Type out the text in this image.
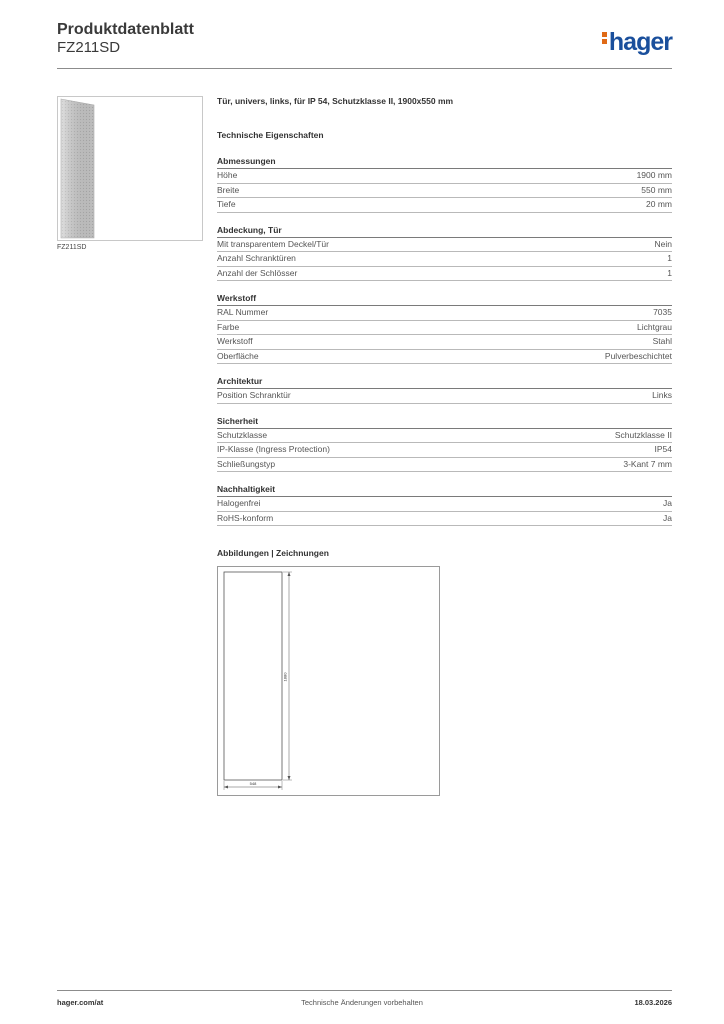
Produktdatenblatt
FZ211SD	hager
FZ211SD
Tür, univers, links, für IP 54, Schutzklasse II, 1900x550 mm
Technische Eigenschaften
Abmessungen
Höhe	1900 mm
Breite	550 mm
Tiefe	20 mm
Abdeckung, Tür
Mit transparentem Deckel/Tür	Nein
Anzahl Schranktüren	1
Anzahl der Schlösser	1
Werkstoff
RAL Nummer	7035
Farbe	Lichtgrau
Werkstoff	Stahl
Oberfläche	Pulverbeschichtet
Architektur
Position Schranktür	Links
Sicherheit
Schutzklasse	Schutzklasse II
IP-Klasse (Ingress Protection)	IP54
Schließungstyp	3-Kant 7 mm
Nachhaltigkeit
Halogenfrei	Ja
RoHS-konform	Ja
Abbildungen | Zeichnungen
1880
548
hager.com/at	Technische Änderungen vorbehalten	18.03.2026
